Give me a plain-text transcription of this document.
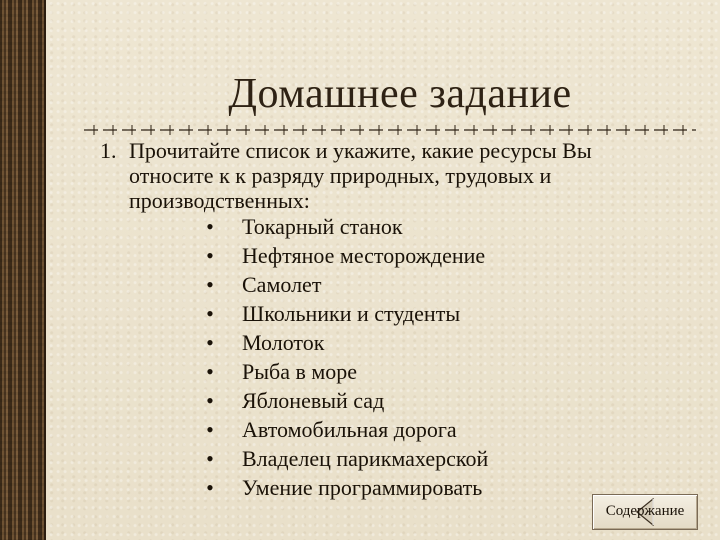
Домашнее задание
1. Прочитайте список и укажите, какие ресурсы Вы
относите к к разряду природных, трудовых и
производственных:
• Токарный станок
• Нефтяное месторождение
• Самолет
• Школьники и студенты
• Молоток
• Рыба в море
• Яблоневый сад
• Автомобильная дорога
• Владелец парикмахерской
• Умение программировать
Содержание
